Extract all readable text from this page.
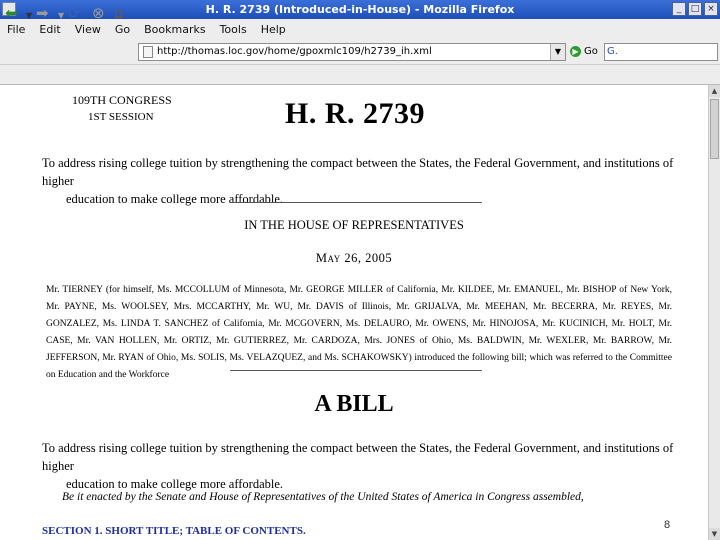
H. R. 2739 (Introduced-in-House) - Mozilla Firefox	_	□ ×
File	Edit	View	Go	Bookmarks	Tools	Help
⬅ ▼ ➡ ▼ ⟳ ⊗ ⌂
http://thomas.loc.gov/home/gpoxmlc109/h2739_ih.xml	▼	▶ Go G.
109TH CONGRESS
1ST SESSION	H. R. 2739
To address rising college tuition by strengthening the compact between the States, the Federal Government, and institutions of higher
education to make college more affordable.
IN THE HOUSE OF REPRESENTATIVES
May 26, 2005
Mr. TIERNEY (for himself, Ms. MCCOLLUM of Minnesota, Mr. GEORGE MILLER of California, Mr. KILDEE, Mr. EMANUEL, Mr. BISHOP of New York, Mr. PAYNE, Ms. WOOLSEY, Mrs. MCCARTHY, Mr. WU, Mr. DAVIS of Illinois, Mr. GRIJALVA, Mr. MEEHAN, Mr. BECERRA, Mr. REYES, Mr. GONZALEZ, Ms. LINDA T. SANCHEZ of California, Mr. MCGOVERN, Ms. DELAURO, Mr. OWENS, Mr. HINOJOSA, Mr. KUCINICH, Mr. HOLT, Mr. CASE, Mr. VAN HOLLEN, Mr. ORTIZ, Mr. GUTIERREZ, Mr. CARDOZA, Mrs. JONES of Ohio, Ms. BALDWIN, Mr. WEXLER, Mr. BARROW, Mr. JEFFERSON, Mr. RYAN of Ohio, Ms. SOLIS, Ms. VELAZQUEZ, and Ms. SCHAKOWSKY) introduced the following bill; which was referred to the Committee on Education and the Workforce
A BILL
To address rising college tuition by strengthening the compact between the States, the Federal Government, and institutions of higher
education to make college more affordable.
Be it enacted by the Senate and House of Representatives of the United States of America in Congress assembled,
SECTION 1. SHORT TITLE; TABLE OF CONTENTS.	8
▲
▼
